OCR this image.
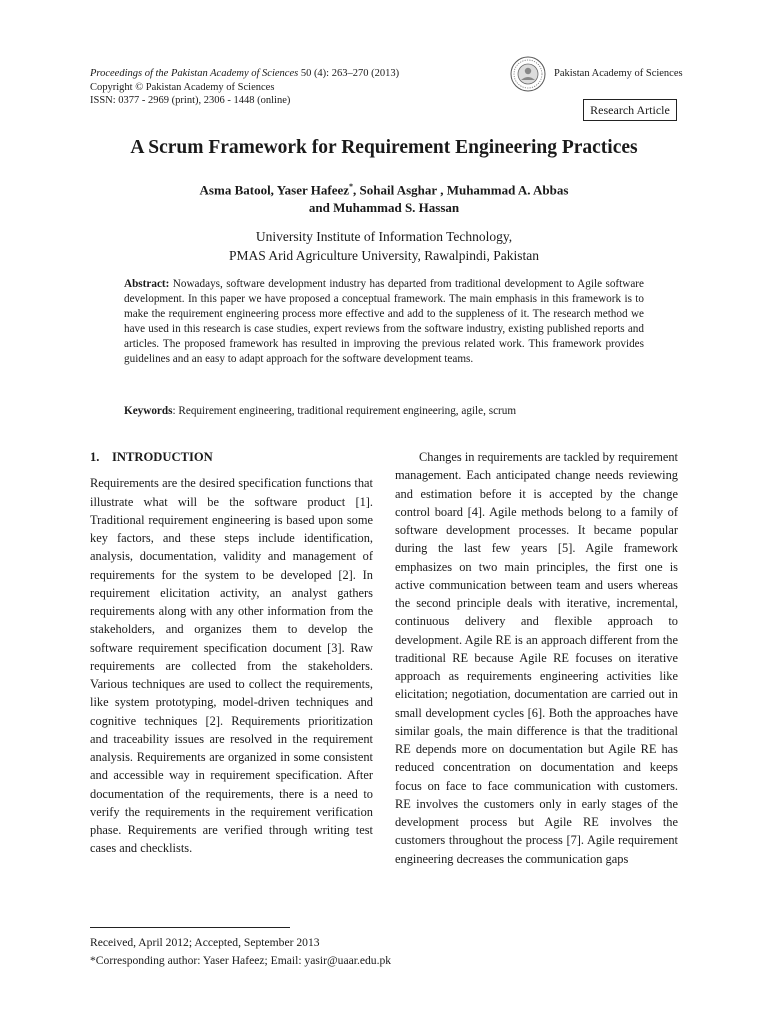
Proceedings of the Pakistan Academy of Sciences 50 (4): 263–270 (2013)
Copyright © Pakistan Academy of Sciences
ISSN: 0377 - 2969 (print), 2306 - 1448 (online)
Pakistan Academy of Sciences
Research Article
A Scrum Framework for Requirement Engineering Practices
Asma Batool, Yaser Hafeez*, Sohail Asghar , Muhammad A. Abbas
and Muhammad S. Hassan
University Institute of Information Technology,
PMAS Arid Agriculture University, Rawalpindi, Pakistan
Abstract: Nowadays, software development industry has departed from traditional development to Agile software development. In this paper we have proposed a conceptual framework. The main emphasis in this framework is to make the requirement engineering process more effective and add to the suppleness of it. The research method we have used in this research is case studies, expert reviews from the software industry, existing published reports and articles. The proposed framework has resulted in improving the previous related work. This framework provides guidelines and an easy to adapt approach for the software development teams.
Keywords: Requirement engineering, traditional requirement engineering, agile, scrum
1. INTRODUCTION

Requirements are the desired specification functions that illustrate what will be the software product [1]. Traditional requirement engineering is based upon some key factors, and these steps include identification, analysis, documentation, validity and management of requirements for the system to be developed [2]. In requirement elicitation activity, an analyst gathers requirements along with any other information from the stakeholders, and organizes them to develop the software requirement specification document [3]. Raw requirements are collected from the stakeholders. Various techniques are used to collect the requirements, like system prototyping, model-driven techniques and cognitive techniques [2]. Requirements prioritization and traceability issues are resolved in the requirement analysis. Requirements are organized in some consistent and accessible way in requirement specification. After documentation of the requirements, there is a need to verify the requirements in the requirement verification phase. Requirements are verified through writing test cases and checklists.

Changes in requirements are tackled by requirement management. Each anticipated change needs reviewing and estimation before it is accepted by the change control board [4]. Agile methods belong to a family of software development processes. It became popular during the last few years [5]. Agile framework emphasizes on two main principles, the first one is active communication between team and users whereas the second principle deals with iterative, incremental, continuous delivery and flexible approach to development. Agile RE is an approach different from the traditional RE because Agile RE focuses on iterative approach as requirements engineering activities like elicitation; negotiation, documentation are carried out in small development cycles [6]. Both the approaches have similar goals, the main difference is that the traditional RE depends more on documentation but Agile RE has reduced concentration on documentation and keeps focus on face to face communication with customers. RE involves the customers only in early stages of the development process but Agile RE involves the customers throughout the process [7]. Agile requirement engineering decreases the communication gaps

Received, April 2012; Accepted, September 2013
*Corresponding author: Yaser Hafeez; Email: yasir@uaar.edu.pk
